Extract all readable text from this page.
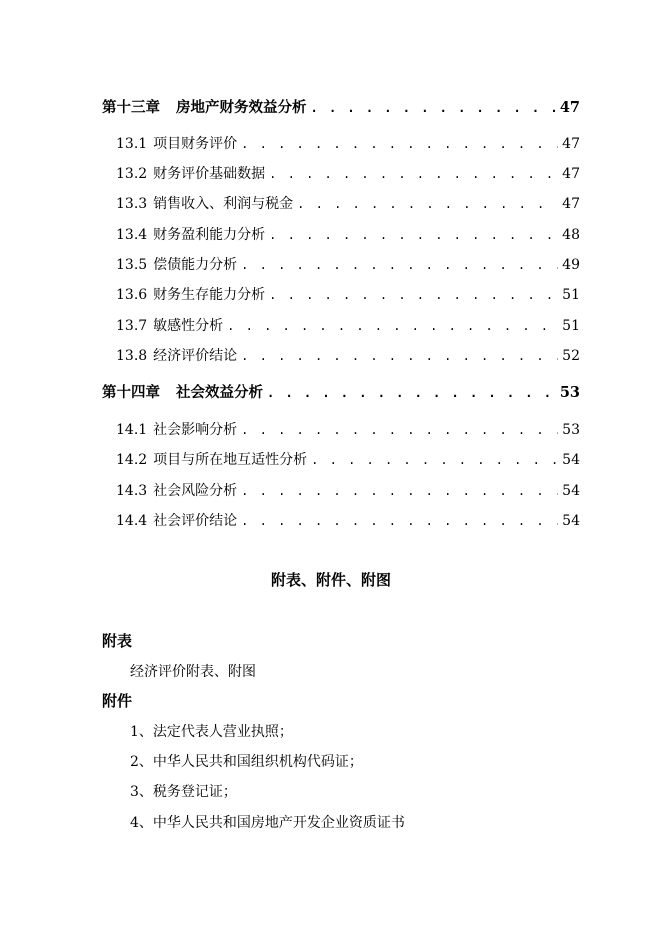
第十三章 房地产财务效益分析 . . .	47
13.1 项目财务评价 . . .	47
13.2 财务评价基础数据 . . .	47
13.3 销售收入、利润与税金 . . .	47
13.4 财务盈利能力分析 . . .	48
13.5 偿债能力分析 . . .	49
13.6 财务生存能力分析 . . .	51
13.7 敏感性分析 . . .	51
13.8 经济评价结论 . . .	52
第十四章 社会效益分析 . . .	53
14.1 社会影响分析 . . .	53
14.2 项目与所在地互适性分析 . . .	54
14.3 社会风险分析 . . .	54
14.4 社会评价结论 . . .	54
附表、附件、附图
附表
经济评价附表、附图
附件
1、法定代表人营业执照；
2、中华人民共和国组织机构代码证；
3、税务登记证；
4、中华人民共和国房地产开发企业资质证书
